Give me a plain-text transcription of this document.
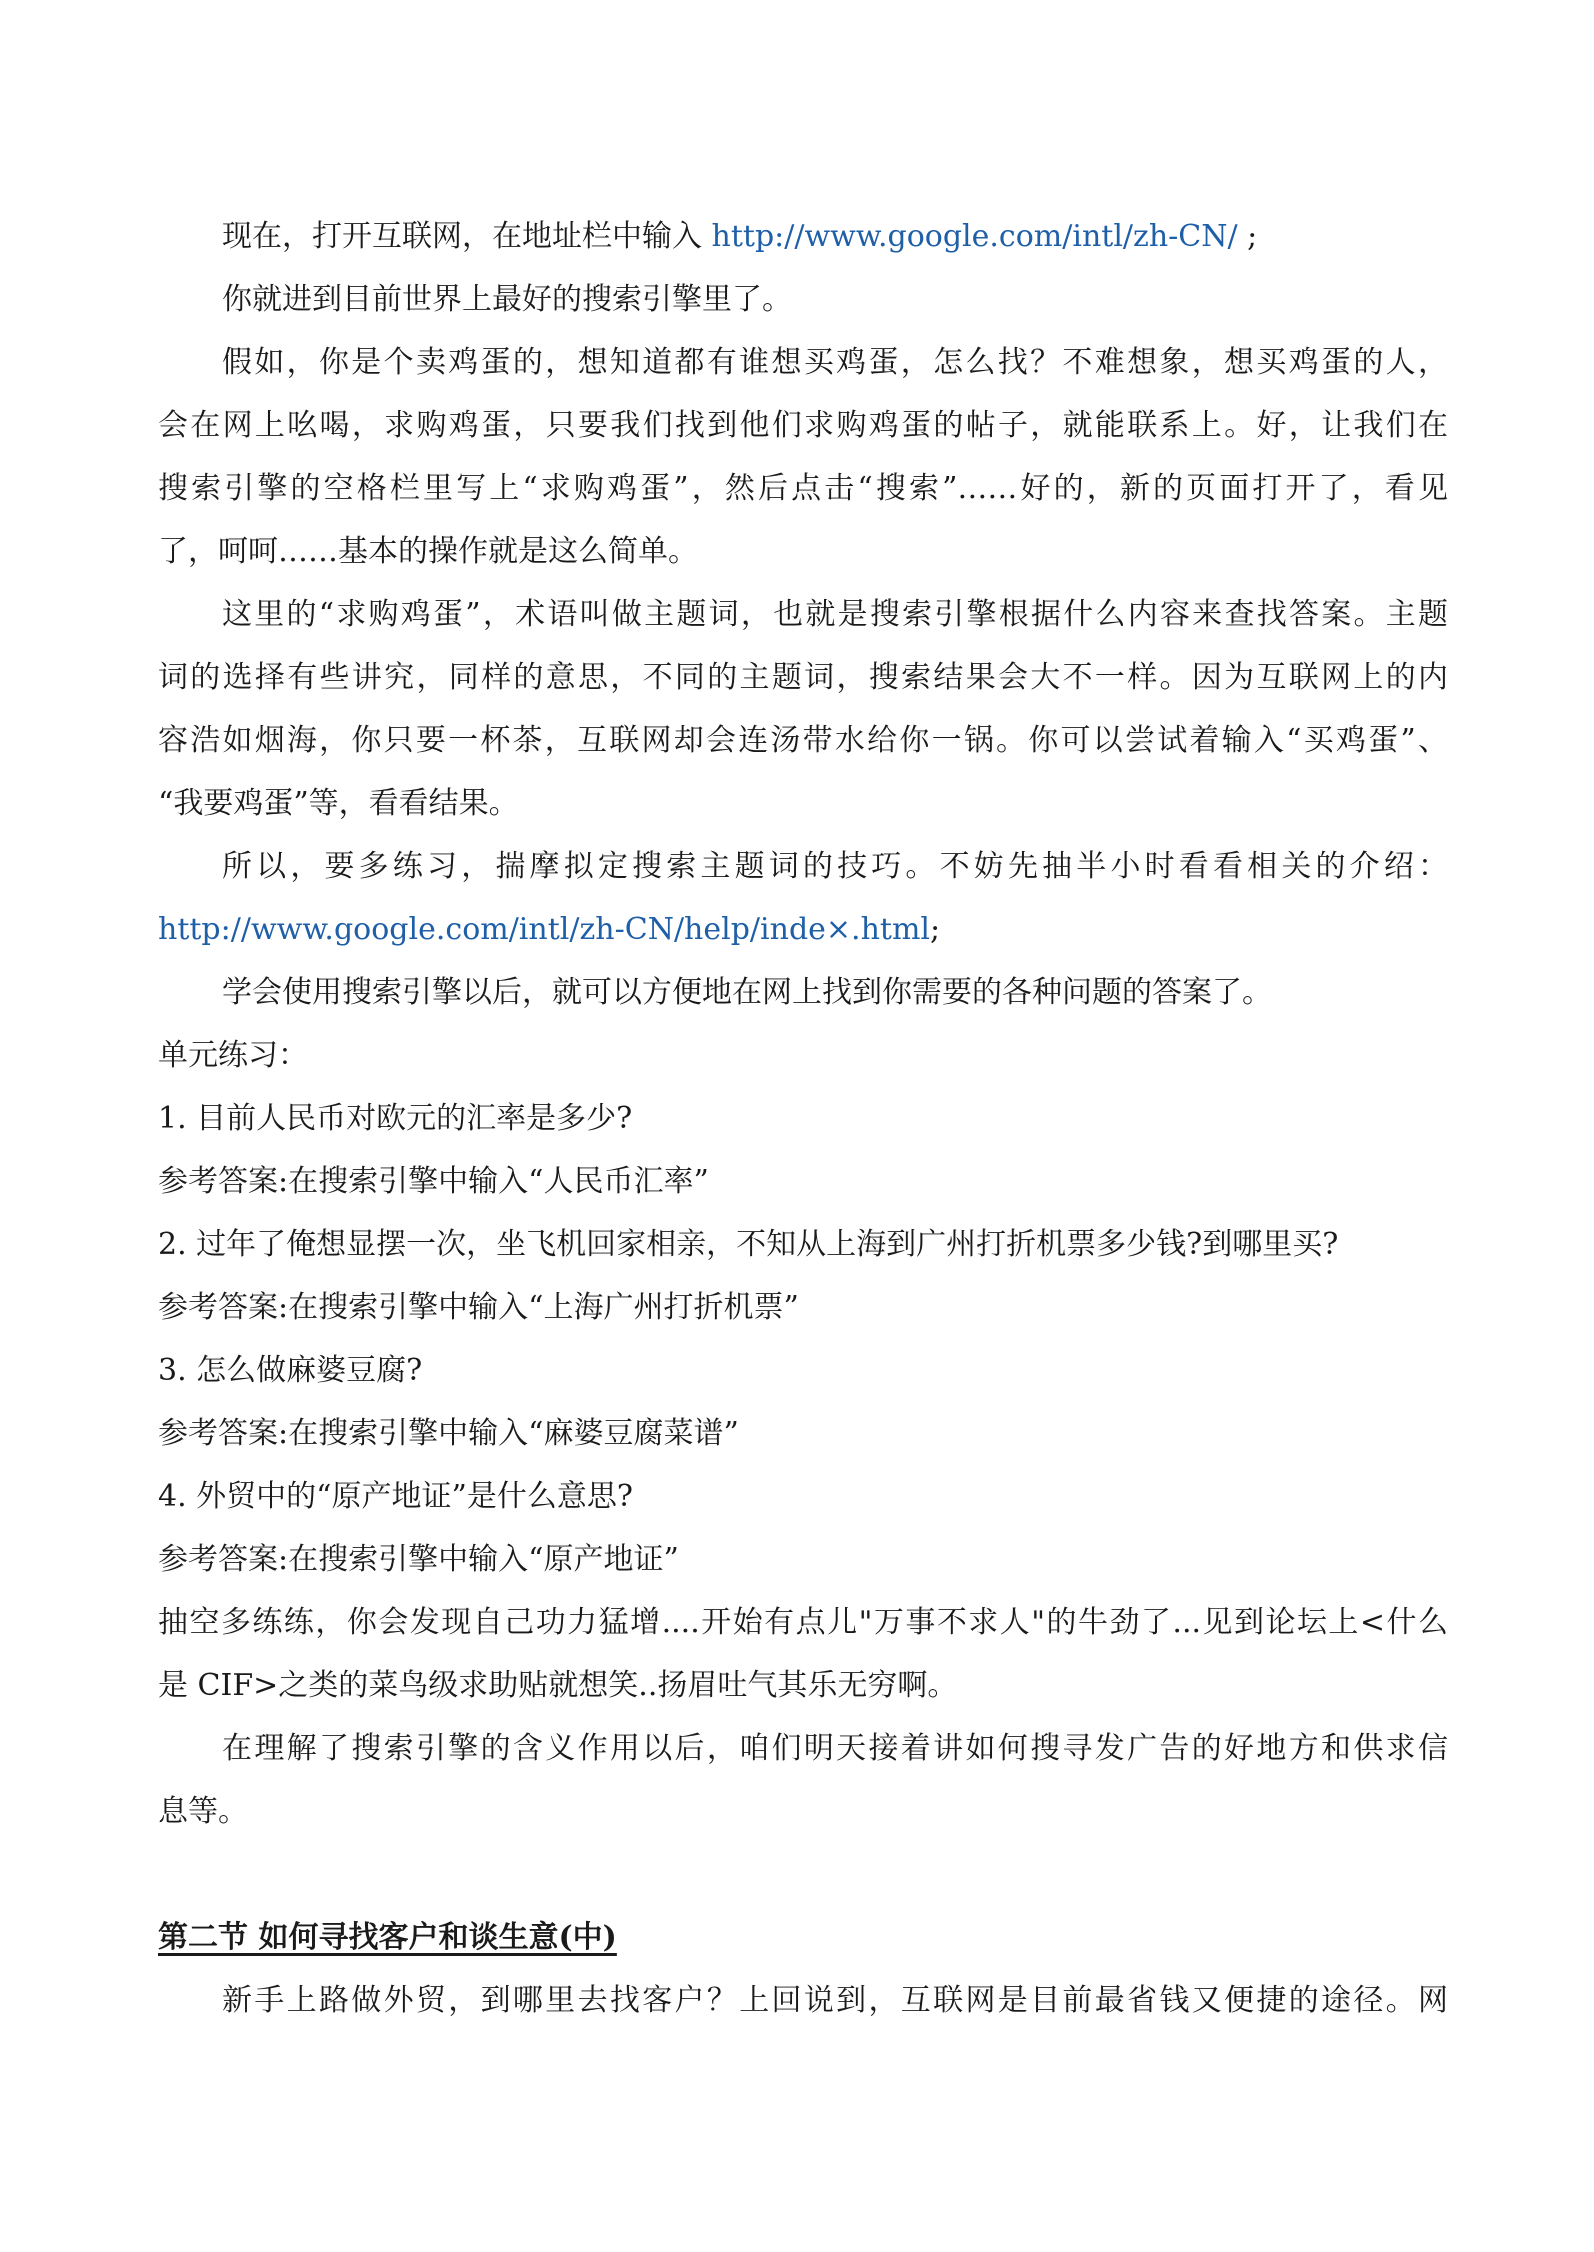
现在，打开互联网，在地址栏中输入 http://www.google.com/intl/zh-CN/ ;
你就进到目前世界上最好的搜索引擎里了。
假如，你是个卖鸡蛋的，想知道都有谁想买鸡蛋，怎么找？不难想象，想买鸡蛋的人，
会在网上吆喝，求购鸡蛋，只要我们找到他们求购鸡蛋的帖子，就能联系上。好，让我们在
搜索引擎的空格栏里写上“求购鸡蛋”，然后点击“搜索”……好的，新的页面打开了，看见
了，呵呵……基本的操作就是这么简单。
这里的“求购鸡蛋”，术语叫做主题词，也就是搜索引擎根据什么内容来查找答案。主题
词的选择有些讲究，同样的意思，不同的主题词，搜索结果会大不一样。因为互联网上的内
容浩如烟海，你只要一杯茶，互联网却会连汤带水给你一锅。你可以尝试着输入“买鸡蛋”、
“我要鸡蛋”等，看看结果。
所以，要多练习，揣摩拟定搜索主题词的技巧。不妨先抽半小时看看相关的介绍：
http://www.google.com/intl/zh-CN/help/inde×.html;
学会使用搜索引擎以后，就可以方便地在网上找到你需要的各种问题的答案了。
单元练习：
1. 目前人民币对欧元的汇率是多少?
参考答案:在搜索引擎中输入“人民币汇率”
2. 过年了俺想显摆一次，坐飞机回家相亲，不知从上海到广州打折机票多少钱?到哪里买?
参考答案:在搜索引擎中输入“上海广州打折机票”
3. 怎么做麻婆豆腐?
参考答案:在搜索引擎中输入“麻婆豆腐菜谱”
4. 外贸中的“原产地证”是什么意思?
参考答案:在搜索引擎中输入“原产地证”
抽空多练练，你会发现自己功力猛增....开始有点儿"万事不求人"的牛劲了...见到论坛上<什么
是 CIF>之类的菜鸟级求助贴就想笑..扬眉吐气其乐无穷啊。
在理解了搜索引擎的含义作用以后，咱们明天接着讲如何搜寻发广告的好地方和供求信
息等。
第二节 如何寻找客户和谈生意(中)
新手上路做外贸，到哪里去找客户？上回说到，互联网是目前最省钱又便捷的途径。网
